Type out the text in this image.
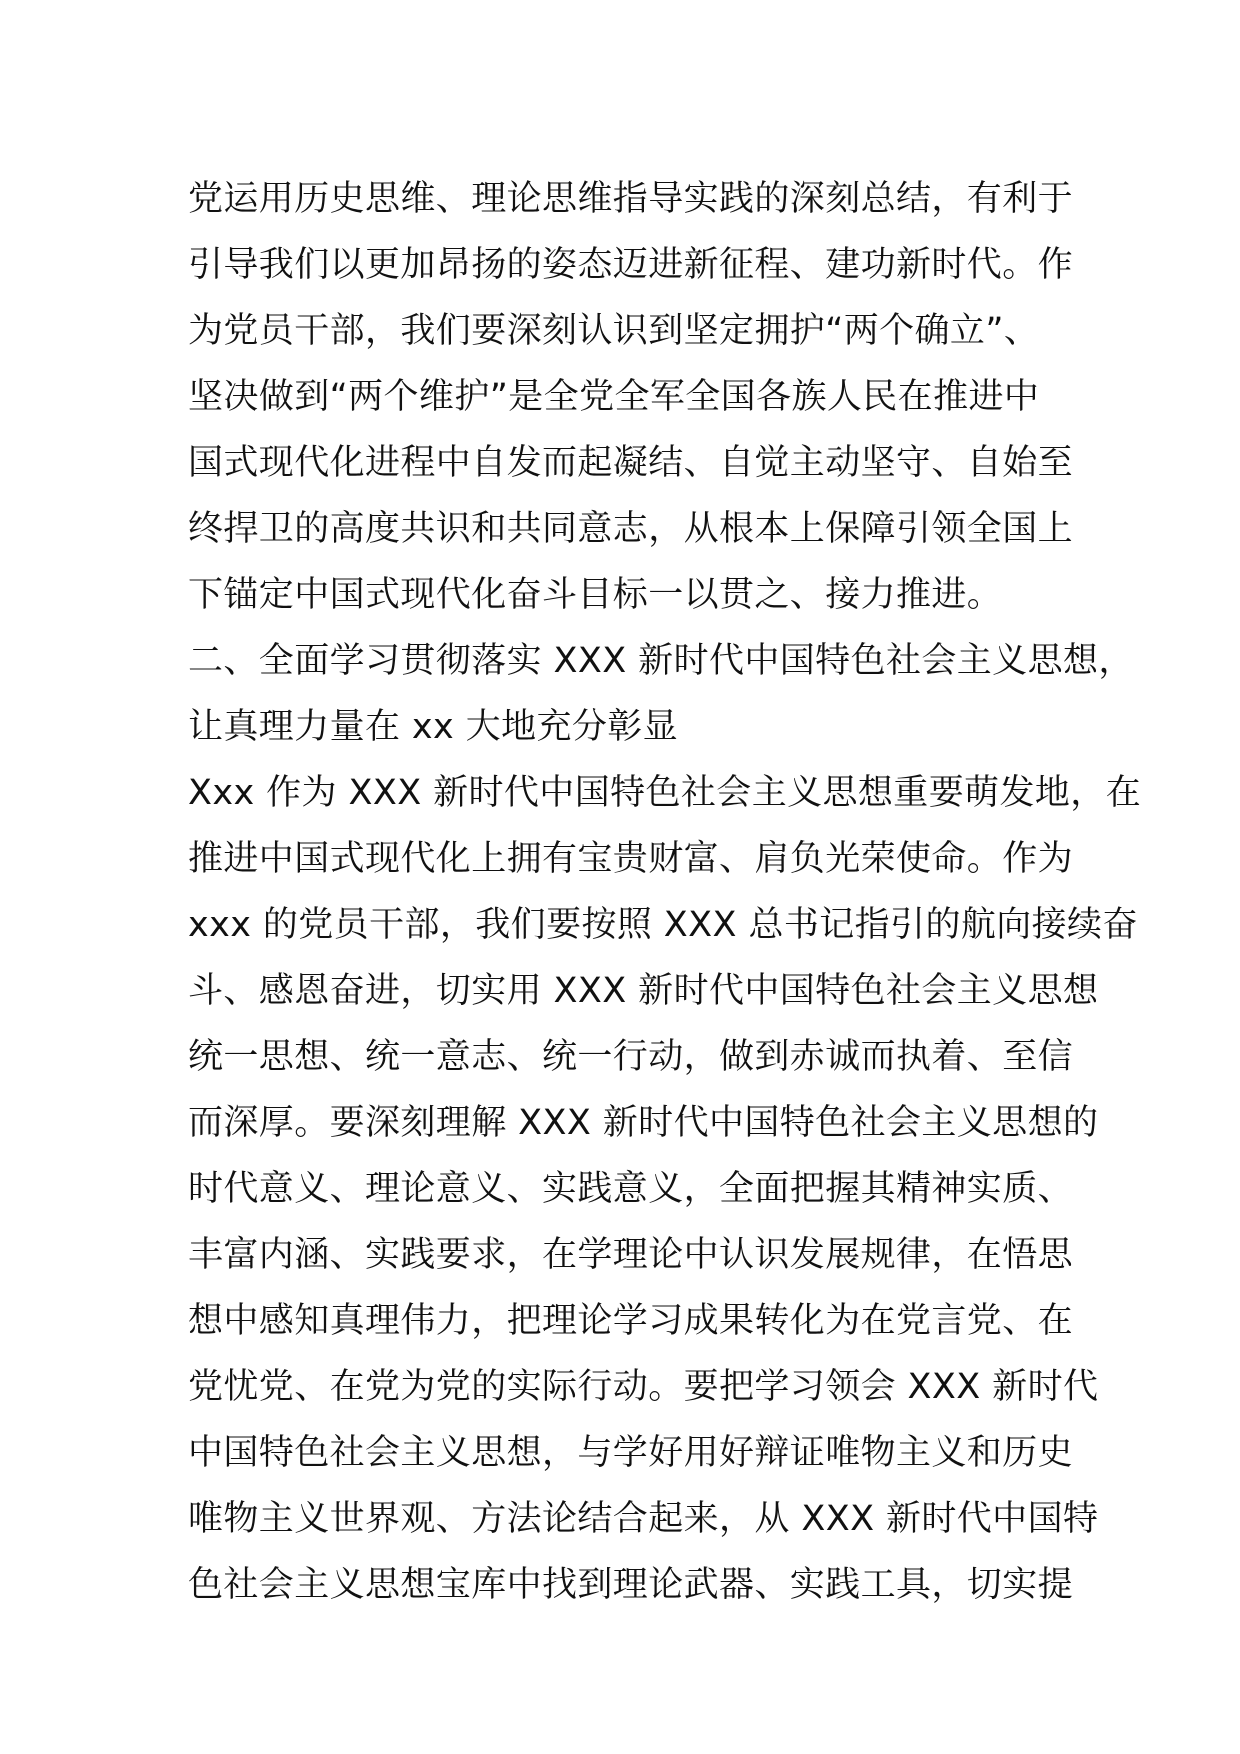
党运用历史思维、理论思维指导实践的深刻总结，有利于
引导我们以更加昂扬的姿态迈进新征程、建功新时代。作
为党员干部，我们要深刻认识到坚定拥护“两个确立”、
坚决做到“两个维护”是全党全军全国各族人民在推进中
国式现代化进程中自发而起凝结、自觉主动坚守、自始至
终捍卫的高度共识和共同意志，从根本上保障引领全国上
下锚定中国式现代化奋斗目标一以贯之、接力推进。
二、全面学习贯彻落实 XXX 新时代中国特色社会主义思想，
让真理力量在 xx 大地充分彰显
Xxx 作为 XXX 新时代中国特色社会主义思想重要萌发地，在
推进中国式现代化上拥有宝贵财富、肩负光荣使命。作为
xxx 的党员干部，我们要按照 XXX 总书记指引的航向接续奋
斗、感恩奋进，切实用 XXX 新时代中国特色社会主义思想
统一思想、统一意志、统一行动，做到赤诚而执着、至信
而深厚。要深刻理解 XXX 新时代中国特色社会主义思想的
时代意义、理论意义、实践意义，全面把握其精神实质、
丰富内涵、实践要求，在学理论中认识发展规律，在悟思
想中感知真理伟力，把理论学习成果转化为在党言党、在
党忧党、在党为党的实际行动。要把学习领会 XXX 新时代
中国特色社会主义思想，与学好用好辩证唯物主义和历史
唯物主义世界观、方法论结合起来，从 XXX 新时代中国特
色社会主义思想宝库中找到理论武器、实践工具，切实提
